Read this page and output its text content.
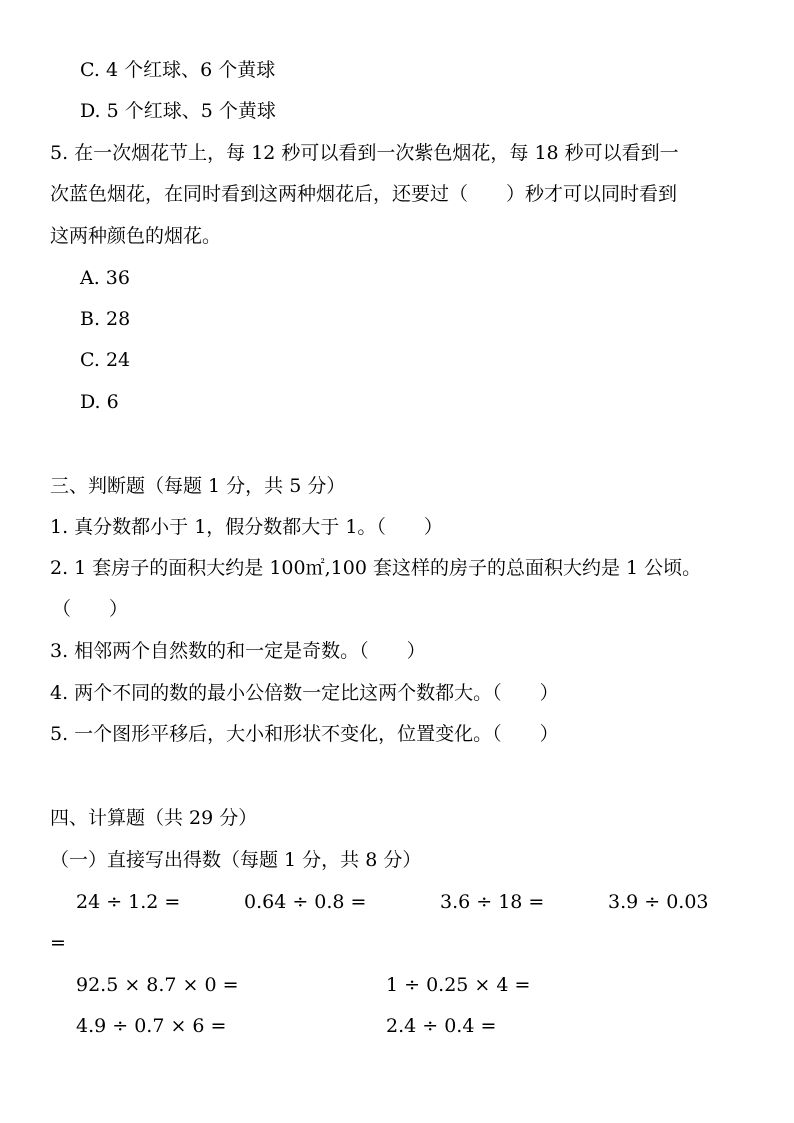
C. 4 个红球、6 个黄球
D. 5 个红球、5 个黄球
5. 在一次烟花节上，每 12 秒可以看到一次紫色烟花，每 18 秒可以看到一
次蓝色烟花，在同时看到这两种烟花后，还要过（　　）秒才可以同时看到
这两种颜色的烟花。
A. 36
B. 28
C. 24
D. 6
三、判断题（每题 1 分，共 5 分）
1. 真分数都小于 1，假分数都大于 1。（　　）
2. 1 套房子的面积大约是 100㎡,100 套这样的房子的总面积大约是 1 公顷。
（　　）
3. 相邻两个自然数的和一定是奇数。（　　）
4. 两个不同的数的最小公倍数一定比这两个数都大。（　　）
5. 一个图形平移后，大小和形状不变化，位置变化。（　　）
四、计算题（共 29 分）
（一）直接写出得数（每题 1 分，共 8 分）
24 ÷ 1.2 =	0.64 ÷ 0.8 =	3.6 ÷ 18 =	3.9 ÷ 0.03
=
92.5 × 8.7 × 0 =	1 ÷ 0.25 × 4 =
4.9 ÷ 0.7 × 6 =	2.4 ÷ 0.4 =
